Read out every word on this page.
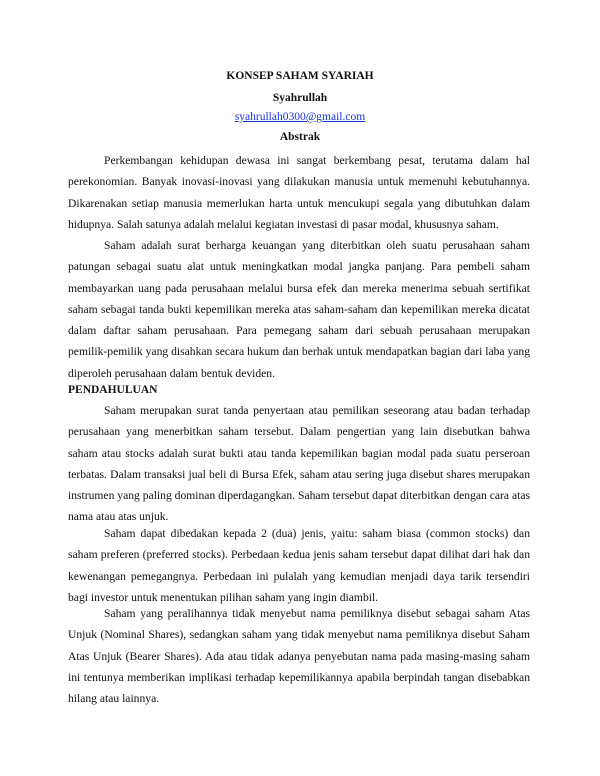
KONSEP SAHAM SYARIAH
Syahrullah
syahrullah0300@gmail.com
Abstrak

Perkembangan kehidupan dewasa ini sangat berkembang pesat, terutama dalam hal perekonomian. Banyak inovasi-inovasi yang dilakukan manusia untuk memenuhi kebutuhannya. Dikarenakan setiap manusia memerlukan harta untuk mencukupi segala yang dibutuhkan dalam hidupnya. Salah satunya adalah melalui kegiatan investasi di pasar modal, khususnya saham.

Saham adalah surat berharga keuangan yang diterbitkan oleh suatu perusahaan saham patungan sebagai suatu alat untuk meningkatkan modal jangka panjang. Para pembeli saham membayarkan uang pada perusahaan melalui bursa efek dan mereka menerima sebuah sertifikat saham sebagai tanda bukti kepemilikan mereka atas saham-saham dan kepemilikan mereka dicatat dalam daftar saham perusahaan. Para pemegang saham dari sebuah perusahaan merupakan pemilik-pemilik yang disahkan secara hukum dan berhak untuk mendapatkan bagian dari laba yang diperoleh perusahaan dalam bentuk deviden.

PENDAHULUAN

Saham merupakan surat tanda penyertaan atau pemilikan seseorang atau badan terhadap perusahaan yang menerbitkan saham tersebut. Dalam pengertian yang lain disebutkan bahwa saham atau stocks adalah surat bukti atau tanda kepemilikan bagian modal pada suatu perseroan terbatas. Dalam transaksi jual beli di Bursa Efek, saham atau sering juga disebut shares merupakan instrumen yang paling dominan diperdagangkan. Saham tersebut dapat diterbitkan dengan cara atas nama atau atas unjuk.

Saham dapat dibedakan kepada 2 (dua) jenis, yaitu: saham biasa (common stocks) dan saham preferen (preferred stocks). Perbedaan kedua jenis saham tersebut dapat dilihat dari hak dan kewenangan pemegangnya. Perbedaan ini pulalah yang kemudian menjadi daya tarik tersendiri bagi investor untuk menentukan pilihan saham yang ingin diambil.

Saham yang peralihannya tidak menyebut nama pemiliknya disebut sebagai saham Atas Unjuk (Nominal Shares), sedangkan saham yang tidak menyebut nama pemiliknya disebut Saham Atas Unjuk (Bearer Shares). Ada atau tidak adanya penyebutan nama pada masing-masing saham ini tentunya memberikan implikasi terhadap kepemilikannya apabila berpindah tangan disebabkan hilang atau lainnya.
